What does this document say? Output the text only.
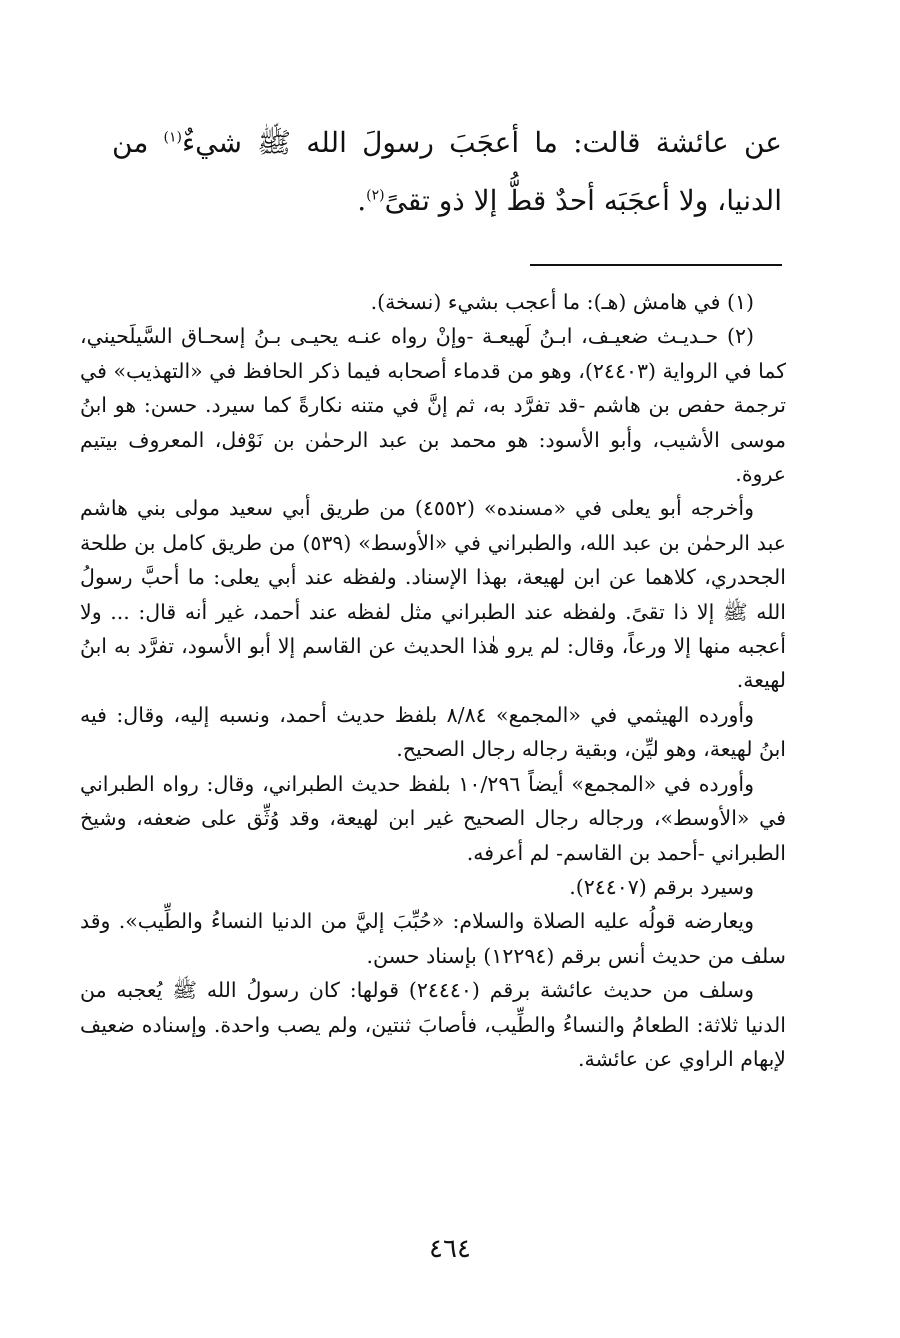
عن عائشة قالت: ما أعجَبَ رسولَ الله ﷺ شيءٌ$^{(١)}$ من الدنيا، ولا أعجَبَه أحدٌ قطُّ إلا ذو تقىً$^{(٢)}$.

(١) في هامش (هـ): ما أعجب بشيء (نسخة).

(٢) حـديـث ضعيـف، ابـنُ لَهيعـة -وإنْ رواه عنـه يحيـى بـنُ إسحـاق السَّيلَحيني، كما في الرواية (٢٤٤٠٣)، وهو من قدماء أصحابه فيما ذكر الحافظ في «التهذيب» في ترجمة حفص بن هاشم -قد تفرَّد به، ثم إنَّ في متنه نكارةً كما سيرد. حسن: هو ابنُ موسى الأشيب، وأبو الأسود: هو محمد بن عبد الرحمٰن بن نَوْفل، المعروف بيتيم عروة.

وأخرجه أبو يعلى في «مسنده» (٤٥٥٢) من طريق أبي سعيد مولى بني هاشم عبد الرحمٰن بن عبد الله، والطبراني في «الأوسط» (٥٣٩) من طريق كامل بن طلحة الجحدري، كلاهما عن ابن لهيعة، بهذا الإسناد. ولفظه عند أبي يعلى: ما أحبَّ رسولُ الله ﷺ إلا ذا تقىً. ولفظه عند الطبراني مثل لفظه عند أحمد، غير أنه قال: ... ولا أعجبه منها إلا ورعاً، وقال: لم يرو هٰذا الحديث عن القاسم إلا أبو الأسود، تفرَّد به ابنُ لهيعة.

وأورده الهيثمي في «المجمع» ٨/٨٤ بلفظ حديث أحمد، ونسبه إليه، وقال: فيه ابنُ لهيعة، وهو ليِّن، وبقية رجاله رجال الصحيح.

وأورده في «المجمع» أيضاً ١٠/٢٩٦ بلفظ حديث الطبراني، وقال: رواه الطبراني في «الأوسط»، ورجاله رجال الصحيح غير ابن لهيعة، وقد وُثِّق على ضعفه، وشيخ الطبراني -أحمد بن القاسم- لم أعرفه.

وسيرد برقم (٢٤٤٠٧).

ويعارضه قولُه عليه الصلاة والسلام: «حُبِّبَ إليَّ من الدنيا النساءُ والطِّيب». وقد سلف من حديث أنس برقم (١٢٢٩٤) بإسناد حسن.

وسلف من حديث عائشة برقم (٢٤٤٤٠) قولها: كان رسولُ الله ﷺ يُعجبه من الدنيا ثلاثة: الطعامُ والنساءُ والطِّيب، فأصابَ ثنتين، ولم يصب واحدة. وإسناده ضعيف لإبهام الراوي عن عائشة.

٤٦٤
